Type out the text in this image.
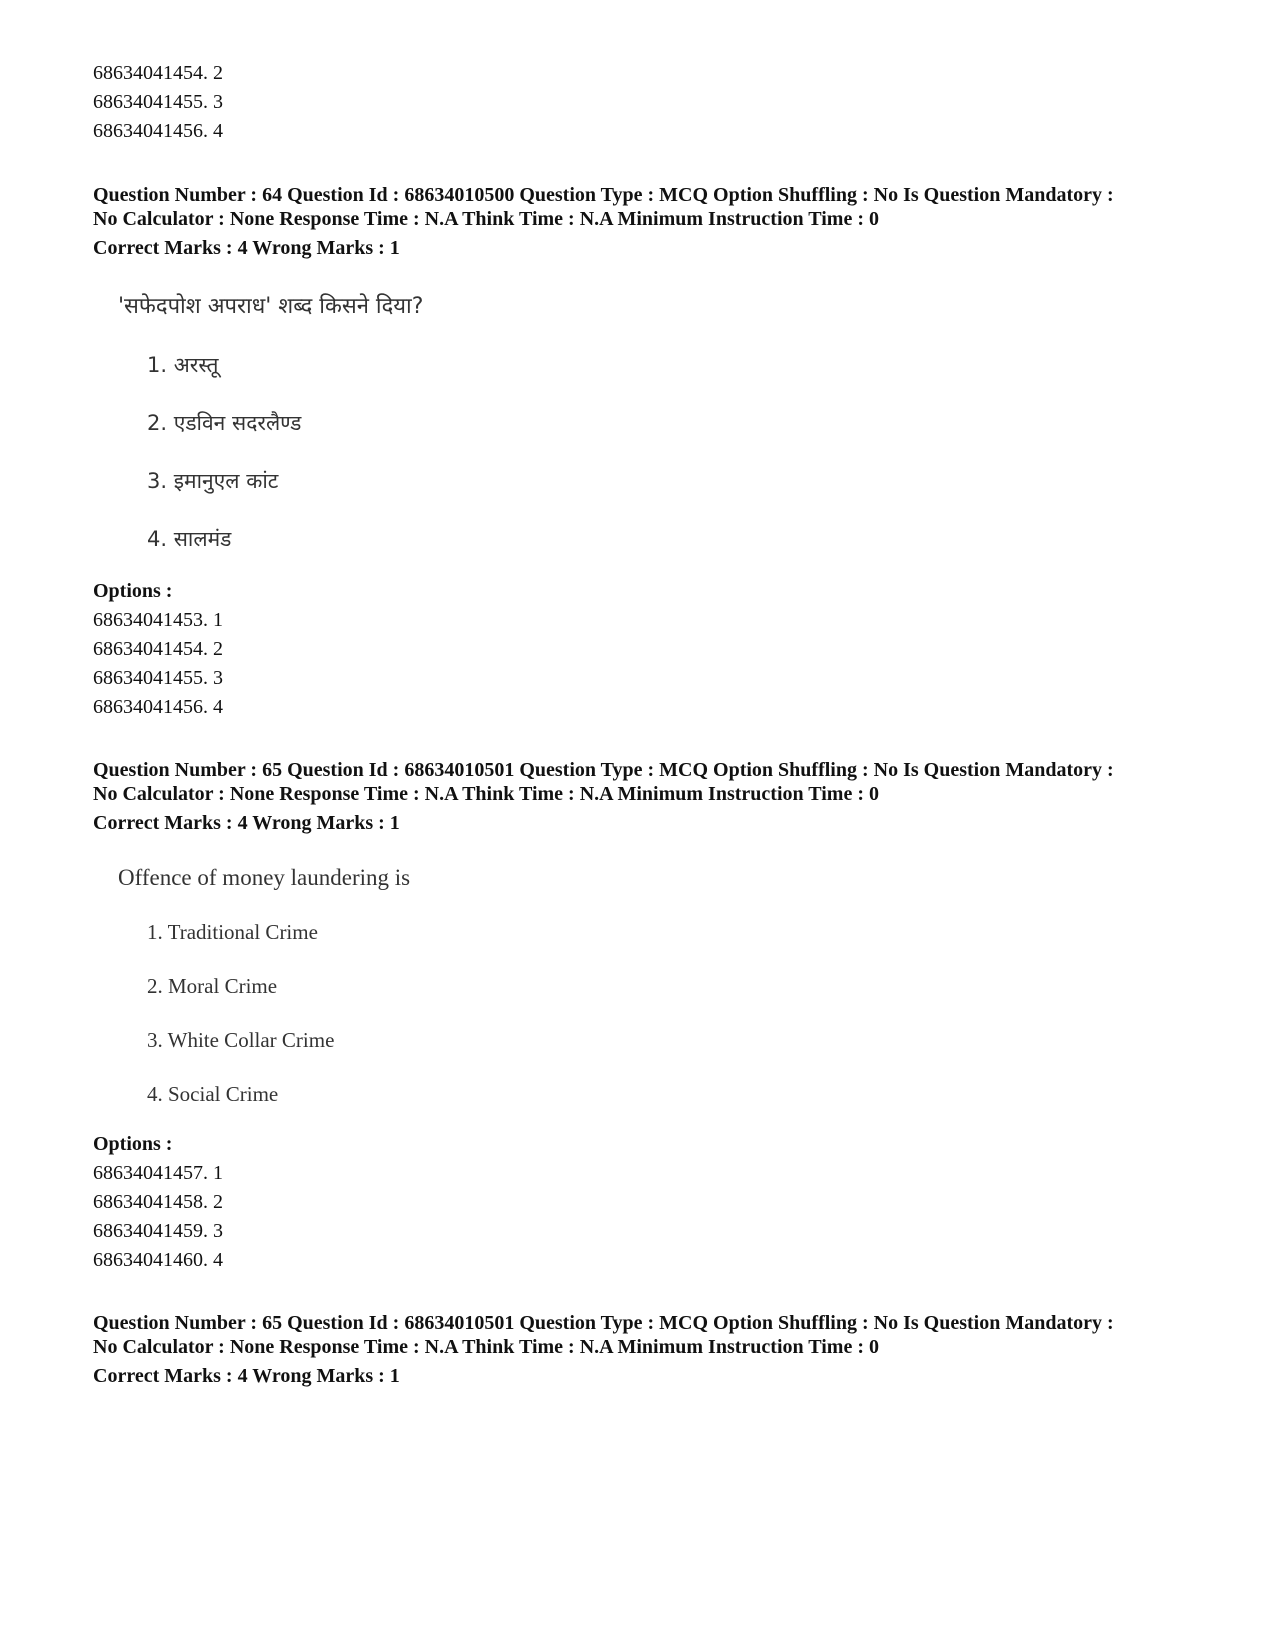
68634041454. 2
68634041455. 3
68634041456. 4
Question Number : 64 Question Id : 68634010500 Question Type : MCQ Option Shuffling : No Is Question Mandatory :
No Calculator : None Response Time : N.A Think Time : N.A Minimum Instruction Time : 0
Correct Marks : 4 Wrong Marks : 1
'सफेदपोश अपराध' शब्द किसने दिया?
1. अरस्तू
2. एडविन सदरलैण्ड
3. इमानुएल कांट
4. सालमंड
Options :
68634041453. 1
68634041454. 2
68634041455. 3
68634041456. 4
Question Number : 65 Question Id : 68634010501 Question Type : MCQ Option Shuffling : No Is Question Mandatory :
No Calculator : None Response Time : N.A Think Time : N.A Minimum Instruction Time : 0
Correct Marks : 4 Wrong Marks : 1
Offence of money laundering is
1. Traditional Crime
2. Moral Crime
3. White Collar Crime
4. Social Crime
Options :
68634041457. 1
68634041458. 2
68634041459. 3
68634041460. 4
Question Number : 65 Question Id : 68634010501 Question Type : MCQ Option Shuffling : No Is Question Mandatory :
No Calculator : None Response Time : N.A Think Time : N.A Minimum Instruction Time : 0
Correct Marks : 4 Wrong Marks : 1
